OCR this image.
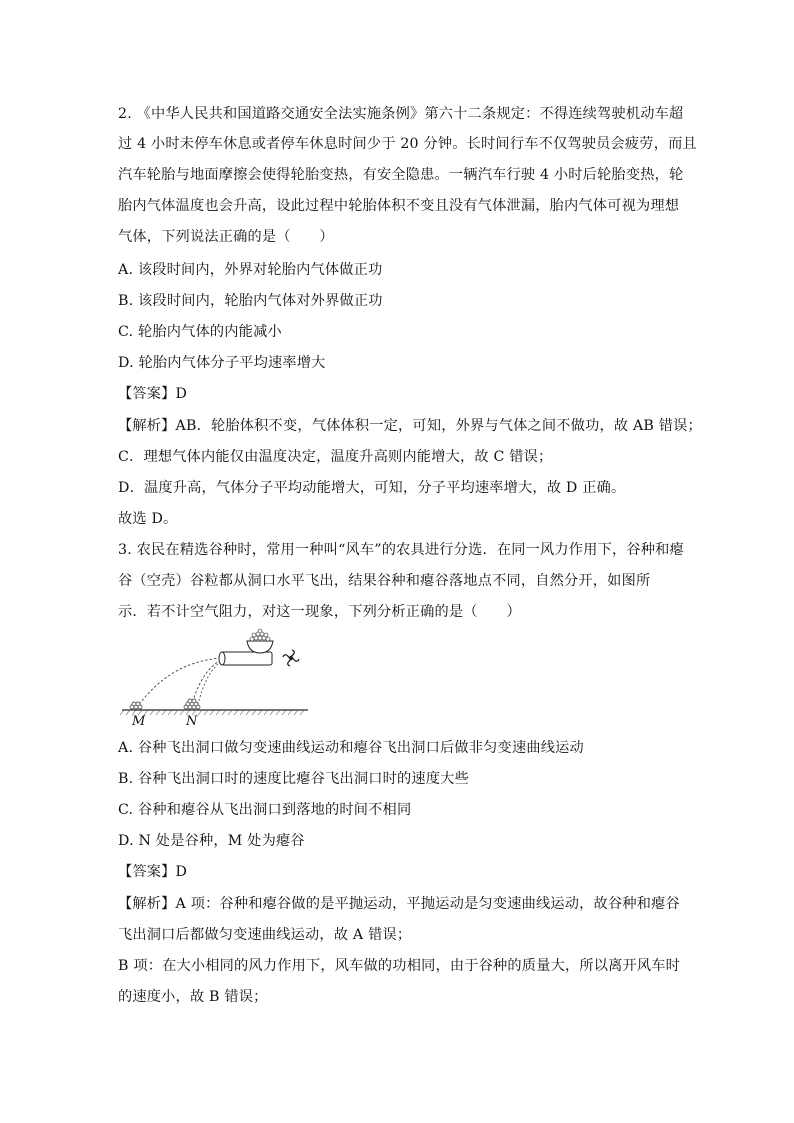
2. 《中华人民共和国道路交通安全法实施条例》第六十二条规定：不得连续驾驶机动车超
过 4 小时未停车休息或者停车休息时间少于 20 分钟。长时间行车不仅驾驶员会疲劳，而且
汽车轮胎与地面摩擦会使得轮胎变热，有安全隐患。一辆汽车行驶 4 小时后轮胎变热，轮
胎内气体温度也会升高，设此过程中轮胎体积不变且没有气体泄漏，胎内气体可视为理想
气体，下列说法正确的是（　　）
A. 该段时间内，外界对轮胎内气体做正功
B. 该段时间内，轮胎内气体对外界做正功
C. 轮胎内气体的内能减小
D. 轮胎内气体分子平均速率增大
【答案】D
【解析】AB．轮胎体积不变，气体体积一定，可知，外界与气体之间不做功，故 AB 错误；
C．理想气体内能仅由温度决定，温度升高则内能增大，故 C 错误；
D．温度升高，气体分子平均动能增大，可知，分子平均速率增大，故 D 正确。
故选 D。
3. 农民在精选谷种时，常用一种叫“风车”的农具进行分选．在同一风力作用下，谷种和瘪
谷（空壳）谷粒都从洞口水平飞出，结果谷种和瘪谷落地点不同，自然分开，如图所
示．若不计空气阻力，对这一现象，下列分析正确的是（　　）
M	N
A. 谷种飞出洞口做匀变速曲线运动和瘪谷飞出洞口后做非匀变速曲线运动
B. 谷种飞出洞口时的速度比瘪谷飞出洞口时的速度大些
C. 谷种和瘪谷从飞出洞口到落地的时间不相同
D. N 处是谷种，M 处为瘪谷
【答案】D
【解析】A 项：谷种和瘪谷做的是平抛运动，平抛运动是匀变速曲线运动，故谷种和瘪谷
飞出洞口后都做匀变速曲线运动，故 A 错误；
B 项：在大小相同的风力作用下，风车做的功相同，由于谷种的质量大，所以离开风车时
的速度小，故 B 错误；
